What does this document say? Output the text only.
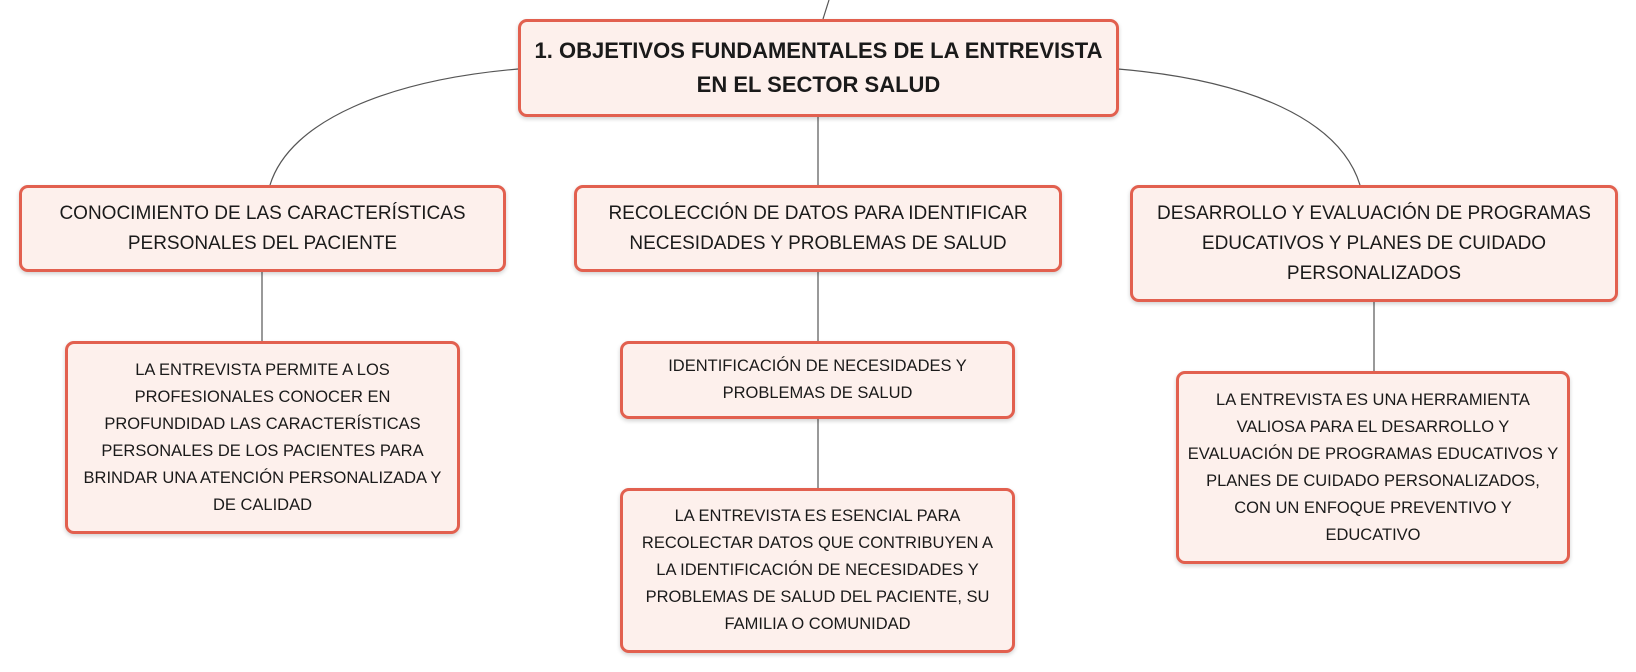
1. OBJETIVOS FUNDAMENTALES DE LA ENTREVISTA
EN EL SECTOR SALUD
CONOCIMIENTO DE LAS CARACTERÍSTICAS
PERSONALES DEL PACIENTE
RECOLECCIÓN DE DATOS PARA IDENTIFICAR
NECESIDADES Y PROBLEMAS DE SALUD
DESARROLLO Y EVALUACIÓN DE PROGRAMAS
EDUCATIVOS Y PLANES DE CUIDADO
PERSONALIZADOS
LA ENTREVISTA PERMITE A LOS
PROFESIONALES CONOCER EN
PROFUNDIDAD LAS CARACTERÍSTICAS
PERSONALES DE LOS PACIENTES PARA
BRINDAR UNA ATENCIÓN PERSONALIZADA Y
DE CALIDAD
IDENTIFICACIÓN DE NECESIDADES Y
PROBLEMAS DE SALUD
LA ENTREVISTA ES ESENCIAL PARA
RECOLECTAR DATOS QUE CONTRIBUYEN A
LA IDENTIFICACIÓN DE NECESIDADES Y
PROBLEMAS DE SALUD DEL PACIENTE, SU
FAMILIA O COMUNIDAD
LA ENTREVISTA ES UNA HERRAMIENTA
VALIOSA PARA EL DESARROLLO Y
EVALUACIÓN DE PROGRAMAS EDUCATIVOS Y
PLANES DE CUIDADO PERSONALIZADOS,
CON UN ENFOQUE PREVENTIVO Y
EDUCATIVO
